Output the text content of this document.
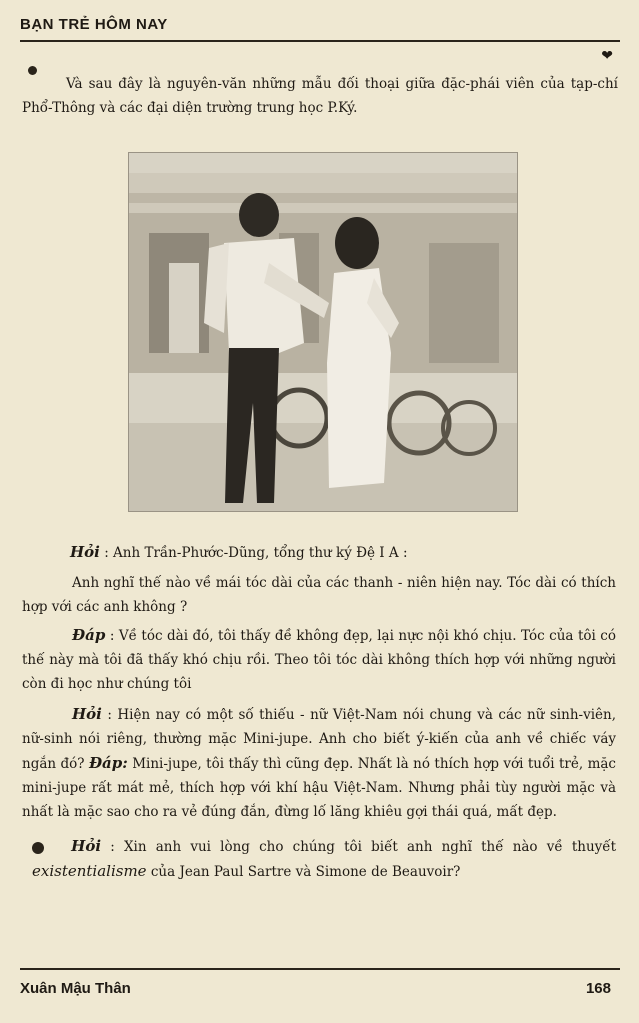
BẠN TRẺ HÔM NAY
❤

Và sau đây là nguyên-văn những mẫu đối thoại giữa đặc-phái viên của tạp-chí Phổ-Thông và các đại diện trường trung học P.Ký.

Hỏi : Anh Trần-Phước-Dũng, tổng thư ký Đệ I A :

Anh nghĩ thế nào về mái tóc dài của các thanh - niên hiện nay. Tóc dài có thích hợp với các anh không ?

Đáp : Về tóc dài đó, tôi thấy đề không đẹp, lại nực nội khó chịu. Tóc của tôi có thế này mà tôi đã thấy khó chịu rồi. Theo tôi tóc dài không thích hợp với những người còn đi học như chúng tôi

Hỏi : Hiện nay có một số thiếu - nữ Việt-Nam nói chung và các nữ sinh-viên, nữ-sinh nói riêng, thường mặc Mini-jupe. Anh cho biết ý-kiến của anh về chiếc váy ngắn đó? Đáp: Mini-jupe, tôi thấy thì cũng đẹp. Nhất là nó thích hợp với tuổi trẻ, mặc mini-jupe rất mát mẻ, thích hợp với khí hậu Việt-Nam. Nhưng phải tùy người mặc và nhất là mặc sao cho ra vẻ đúng đắn, đừng lố lăng khiêu gợi thái quá, mất đẹp.

Hỏi : Xin anh vui lòng cho chúng tôi biết anh nghĩ thế nào về thuyết existentialisme của Jean Paul Sartre và Simone de Beauvoir?

Xuân Mậu Thân	168
